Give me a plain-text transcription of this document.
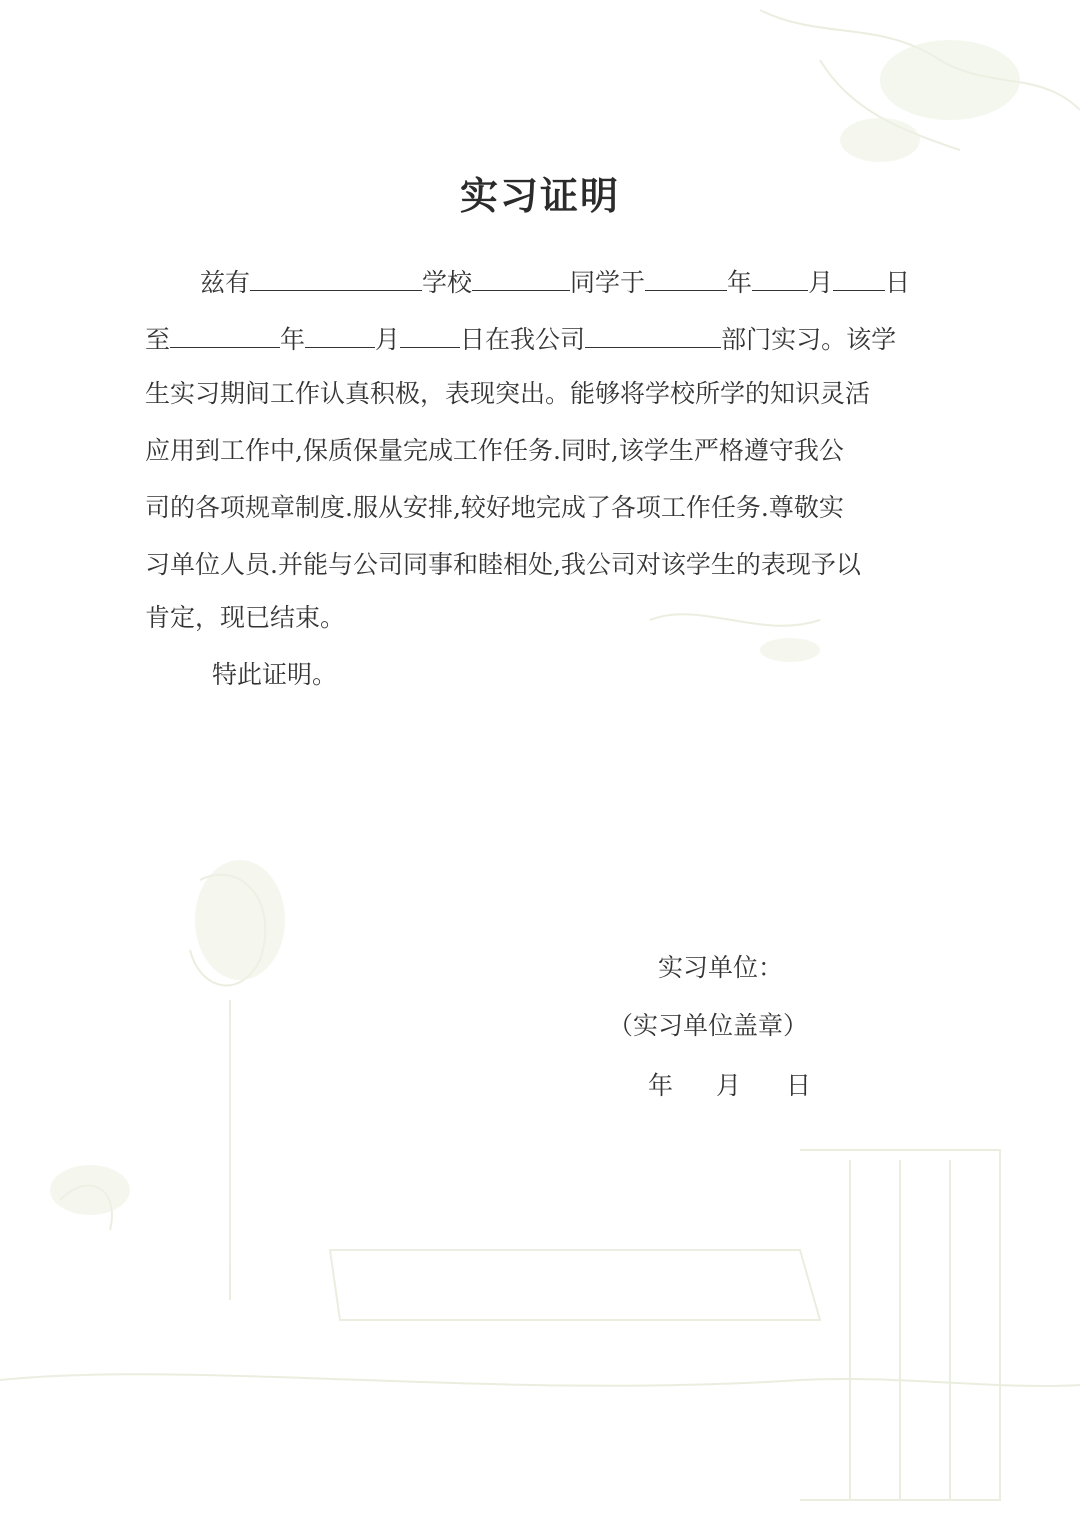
实习证明
兹有	学校	同学于	年 月 日
至	年	月 日在我公司	部门实习。该学
生实习期间工作认真积极，表现突出。能够将学校所学的知识灵活
应用到工作中,保质保量完成工作任务.同时,该学生严格遵守我公
司的各项规章制度.服从安排,较好地完成了各项工作任务.尊敬实
习单位人员.并能与公司同事和睦相处,我公司对该学生的表现予以
肯定，现已结束。
特此证明。
实习单位：
（实习单位盖章）
年 月 日
